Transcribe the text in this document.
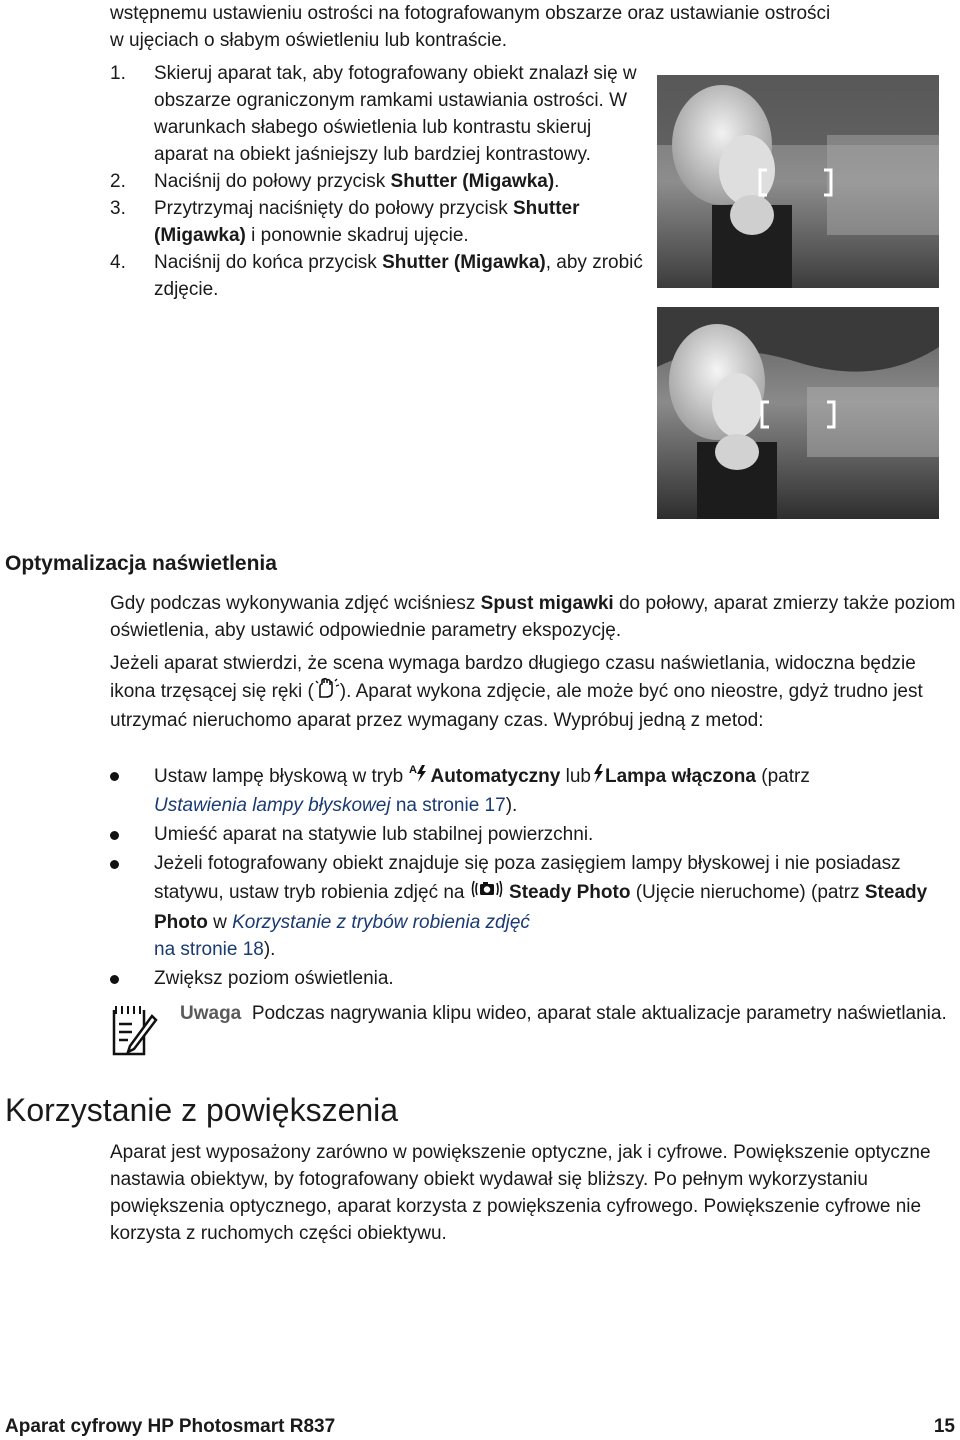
wstępnemu ustawieniu ostrości na fotografowanym obszarze oraz ustawianie ostrości
w ujęciach o słabym oświetleniu lub kontraście.
1. Skieruj aparat tak, aby fotografowany obiekt znalazł się w obszarze ograniczonym ramkami ustawiania ostrości. W warunkach słabego oświetlenia lub kontrastu skieruj aparat na obiekt jaśniejszy lub bardziej kontrastowy.
2. Naciśnij do połowy przycisk Shutter (Migawka).
3. Przytrzymaj naciśnięty do połowy przycisk Shutter (Migawka) i ponownie skadruj ujęcie.
4. Naciśnij do końca przycisk Shutter (Migawka), aby zrobić zdjęcie.
Optymalizacja naświetlenia

Gdy podczas wykonywania zdjęć wciśniesz Spust migawki do połowy, aparat zmierzy także poziom oświetlenia, aby ustawić odpowiednie parametry ekspozycję.

Jeżeli aparat stwierdzi, że scena wymaga bardzo długiego czasu naświetlania, widoczna będzie ikona trzęsącej się ręki ( ). Aparat wykona zdjęcie, ale może być ono nieostre, gdyż trudno jest utrzymać nieruchomo aparat przez wymagany czas. Wypróbuj jedną z metod:

Ustaw lampę błyskową w tryb A Automatyczny lub Lampa włączona (patrz
Ustawienia lampy błyskowej na stronie 17).
Umieść aparat na statywie lub stabilnej powierzchni.
Jeżeli fotografowany obiekt znajduje się poza zasięgiem lampy błyskowej i nie posiadasz statywu, ustaw tryb robienia zdjęć na  Steady Photo (Ujęcie nieruchome) (patrz Steady Photo w Korzystanie z trybów robienia zdjęć
na stronie 18).
Zwiększ poziom oświetlenia.
Uwaga Podczas nagrywania klipu wideo, aparat stale aktualizacje parametry naświetlania.
Korzystanie z powiększenia

Aparat jest wyposażony zarówno w powiększenie optyczne, jak i cyfrowe. Powiększenie optyczne nastawia obiektyw, by fotografowany obiekt wydawał się bliższy. Po pełnym wykorzystaniu powiększenia optycznego, aparat korzysta z powiększenia cyfrowego. Powiększenie cyfrowe nie korzysta z ruchomych części obiektywu.

Aparat cyfrowy HP Photosmart R837	15
